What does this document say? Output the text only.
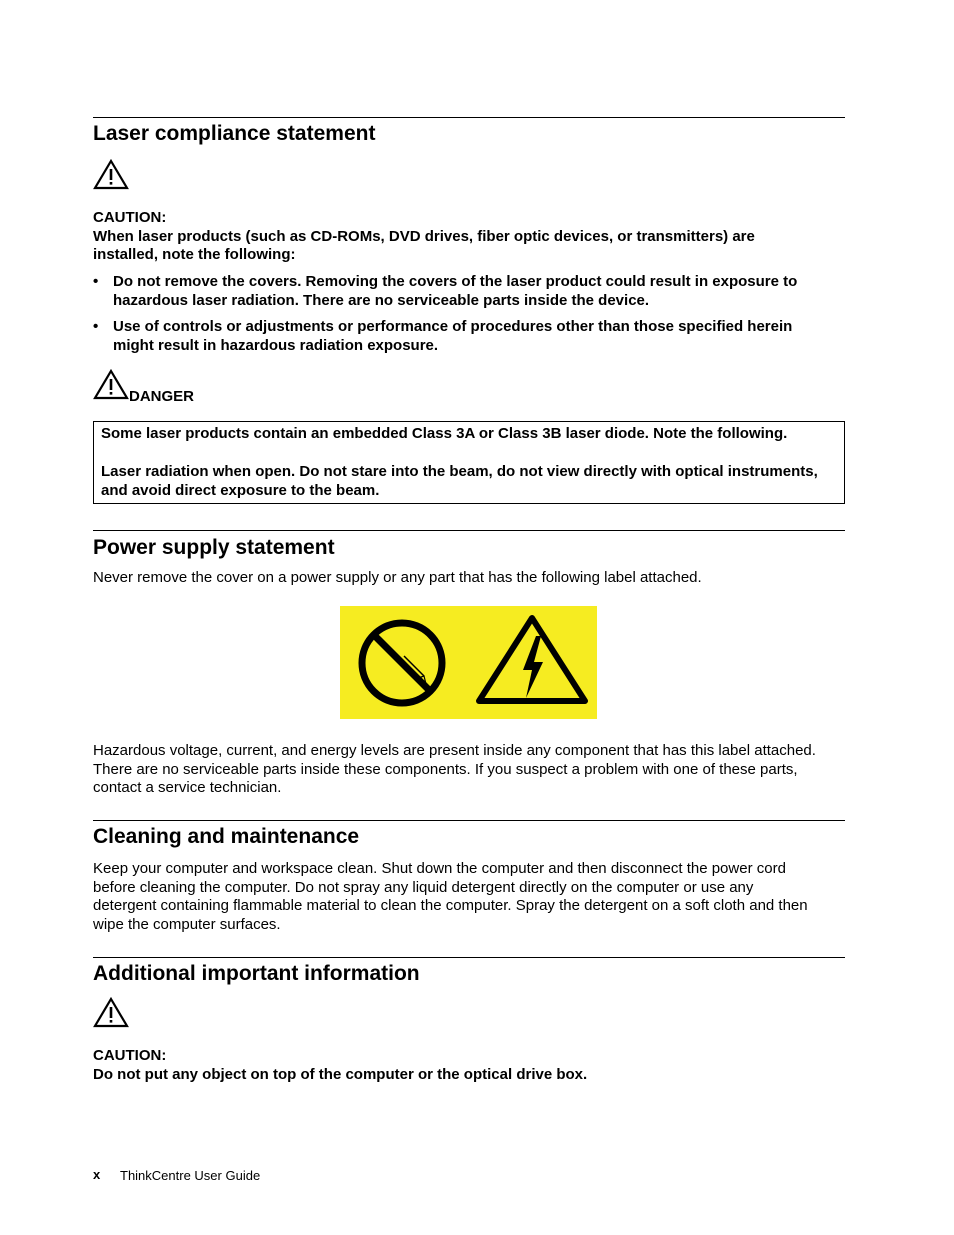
Laser compliance statement
CAUTION:
When laser products (such as CD-ROMs, DVD drives, fiber optic devices, or transmitters) are installed, note the following:
• Do not remove the covers. Removing the covers of the laser product could result in exposure to hazardous laser radiation. There are no serviceable parts inside the device.
• Use of controls or adjustments or performance of procedures other than those specified herein might result in hazardous radiation exposure.
DANGER

Some laser products contain an embedded Class 3A or Class 3B laser diode. Note the following.

Laser radiation when open. Do not stare into the beam, do not view directly with optical instruments, and avoid direct exposure to the beam.

Power supply statement

Never remove the cover on a power supply or any part that has the following label attached.

Hazardous voltage, current, and energy levels are present inside any component that has this label attached. There are no serviceable parts inside these components. If you suspect a problem with one of these parts, contact a service technician.

Cleaning and maintenance

Keep your computer and workspace clean. Shut down the computer and then disconnect the power cord before cleaning the computer. Do not spray any liquid detergent directly on the computer or use any detergent containing flammable material to clean the computer. Spray the detergent on a soft cloth and then wipe the computer surfaces.

Additional important information
CAUTION:
Do not put any object on top of the computer or the optical drive box.
x ThinkCentre User Guide
